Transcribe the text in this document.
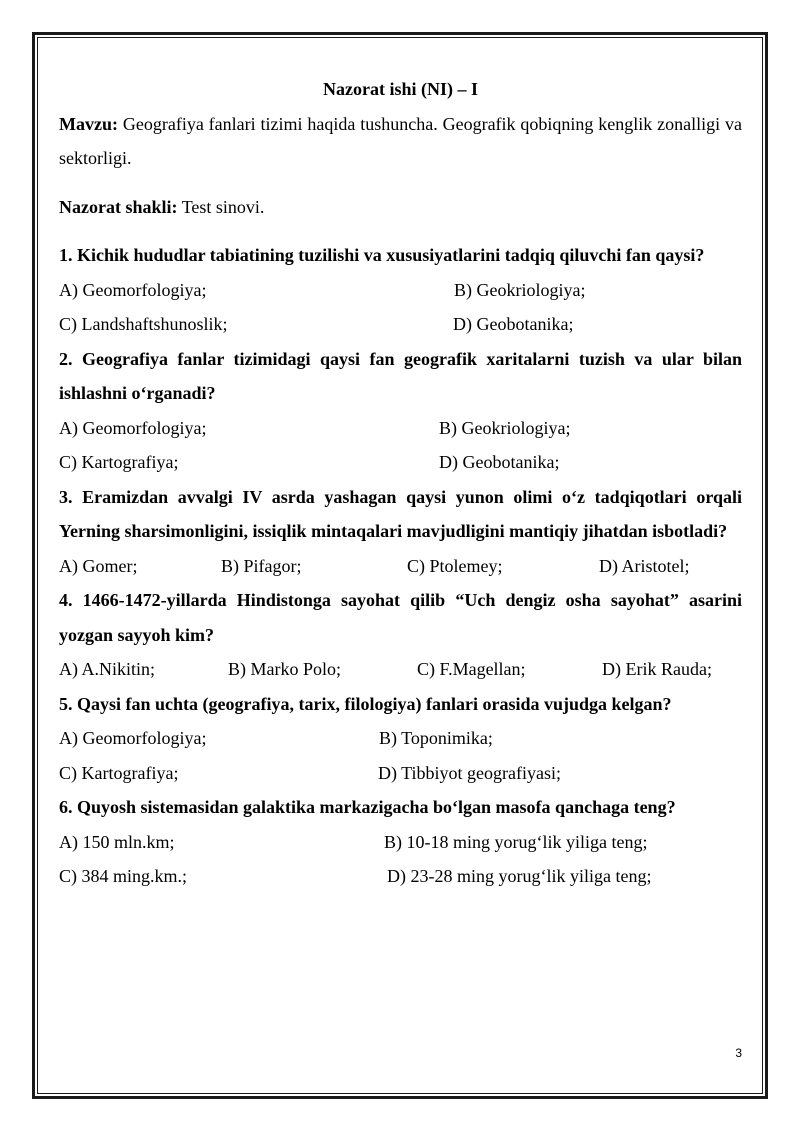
Nazorat ishi (NI) – I

Mavzu: Geografiya fanlari tizimi haqida tushuncha. Geografik qobiqning kenglik zonalligi va sektorligi.

Nazorat shakli: Test sinovi.

1. Kichik hududlar tabiatining tuzilishi va xususiyatlarini tadqiq qiluvchi fan qaysi?

A) Geomorfologiya;	B) Geokriologiya;
C) Landshaftshunoslik;	D) Geobotanika;

2. Geografiya fanlar tizimidagi qaysi fan geografik xaritalarni tuzish va ular bilan ishlashni o‘rganadi?

A) Geomorfologiya;	B) Geokriologiya;
C) Kartografiya;	D) Geobotanika;

3. Eramizdan avvalgi IV asrda yashagan qaysi yunon olimi o‘z tadqiqotlari orqali Yerning sharsimonligini, issiqlik mintaqalari mavjudligini mantiqiy jihatdan isbotladi?

A) Gomer;	B) Pifagor;	C) Ptolemey;	D) Aristotel;

4. 1466-1472-yillarda Hindistonga sayohat qilib “Uch dengiz osha sayohat” asarini yozgan sayyoh kim?

A) A.Nikitin;	B) Marko Polo;	C) F.Magellan;	D) Erik Rauda;

5. Qaysi fan uchta (geografiya, tarix, filologiya) fanlari orasida vujudga kelgan?

A) Geomorfologiya;	B) Toponimika;
C) Kartografiya;	D) Tibbiyot geografiyasi;

6. Quyosh sistemasidan galaktika markazigacha bo‘lgan masofa qanchaga teng?

A) 150 mln.km;	B) 10-18 ming yorug‘lik yiliga teng;
C) 384 ming.km.;	D) 23-28 ming yorug‘lik yiliga teng;
3
